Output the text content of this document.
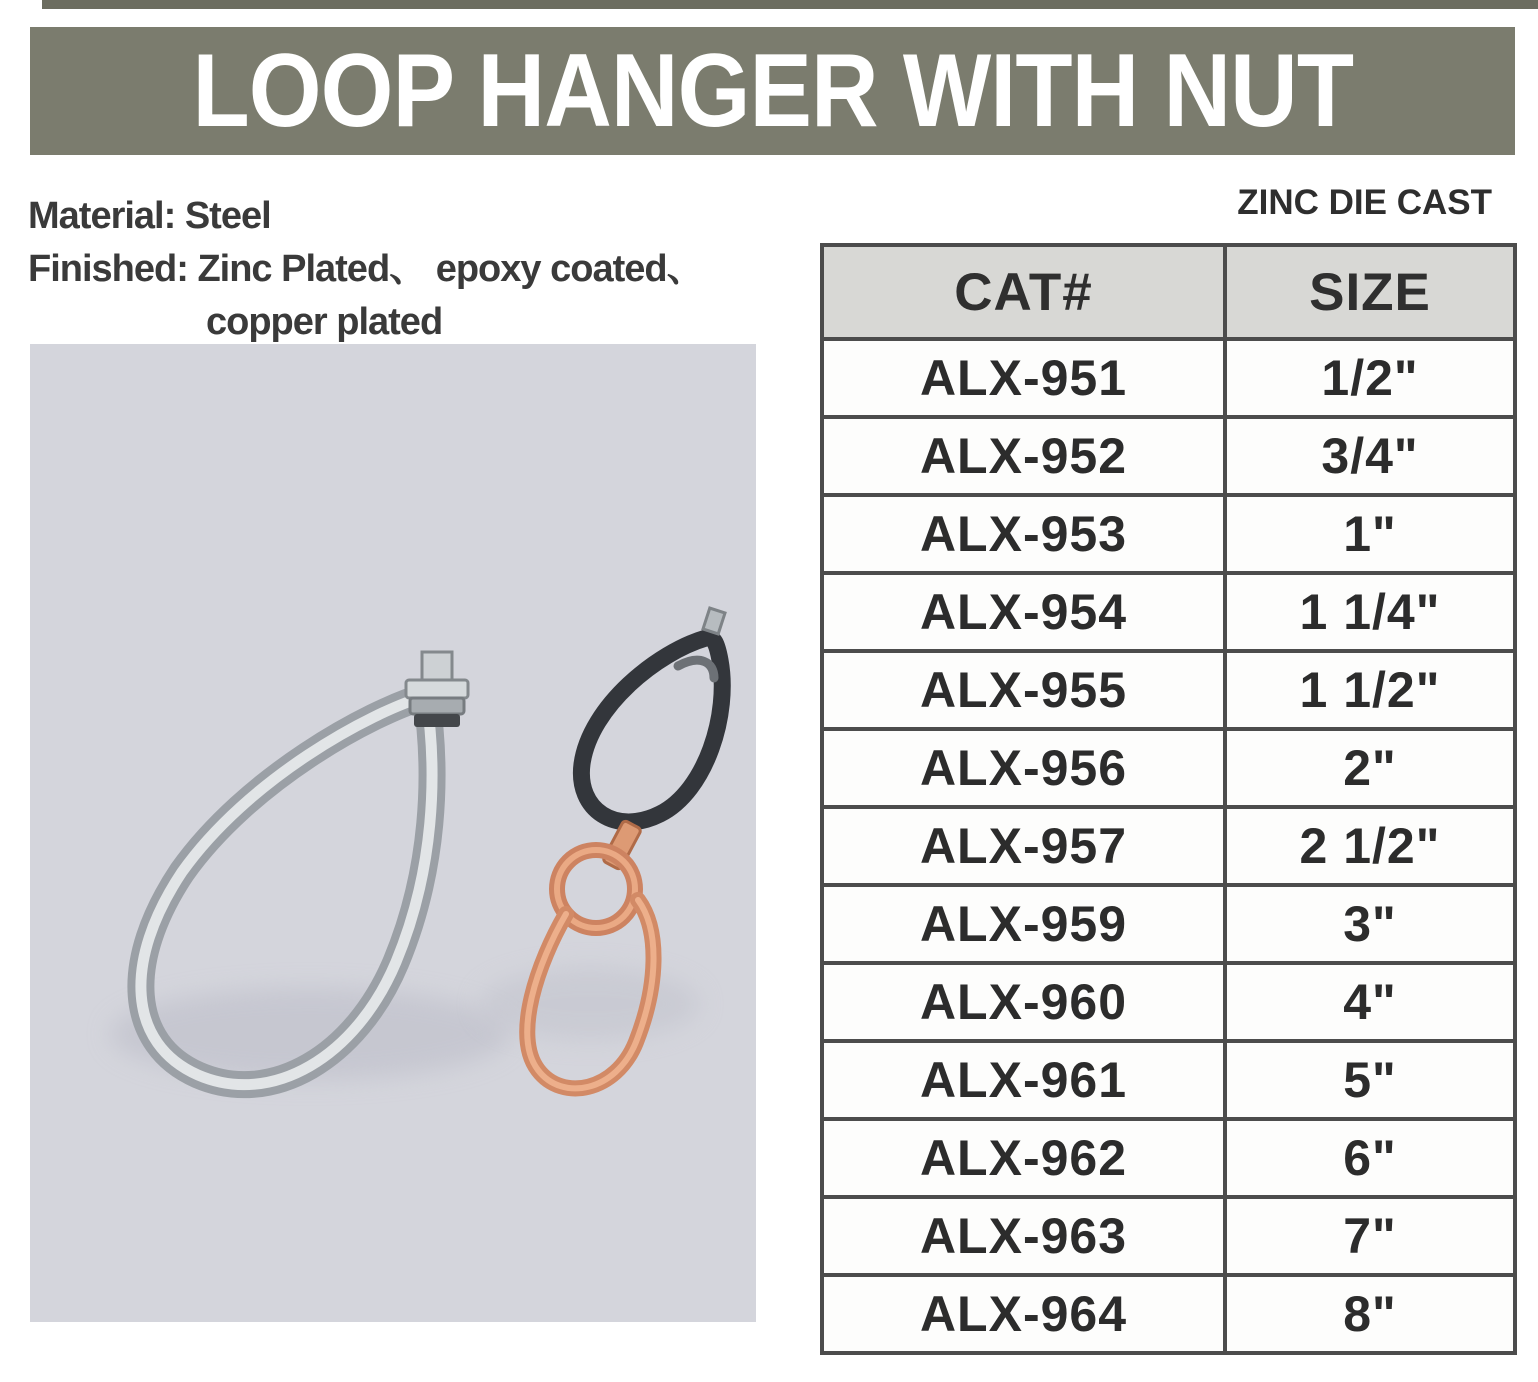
LOOP HANGER WITH NUT
Material: Steel
Finished: Zinc Plated、 epoxy coated、
copper plated
ZINC DIE CAST
CAT#	SIZE
ALX-951	1/2"
ALX-952	3/4"
ALX-953	1"
ALX-954	1 1/4"
ALX-955	1 1/2"
ALX-956	2"
ALX-957	2 1/2"
ALX-959	3"
ALX-960	4"
ALX-961	5"
ALX-962	6"
ALX-963	7"
ALX-964	8"
